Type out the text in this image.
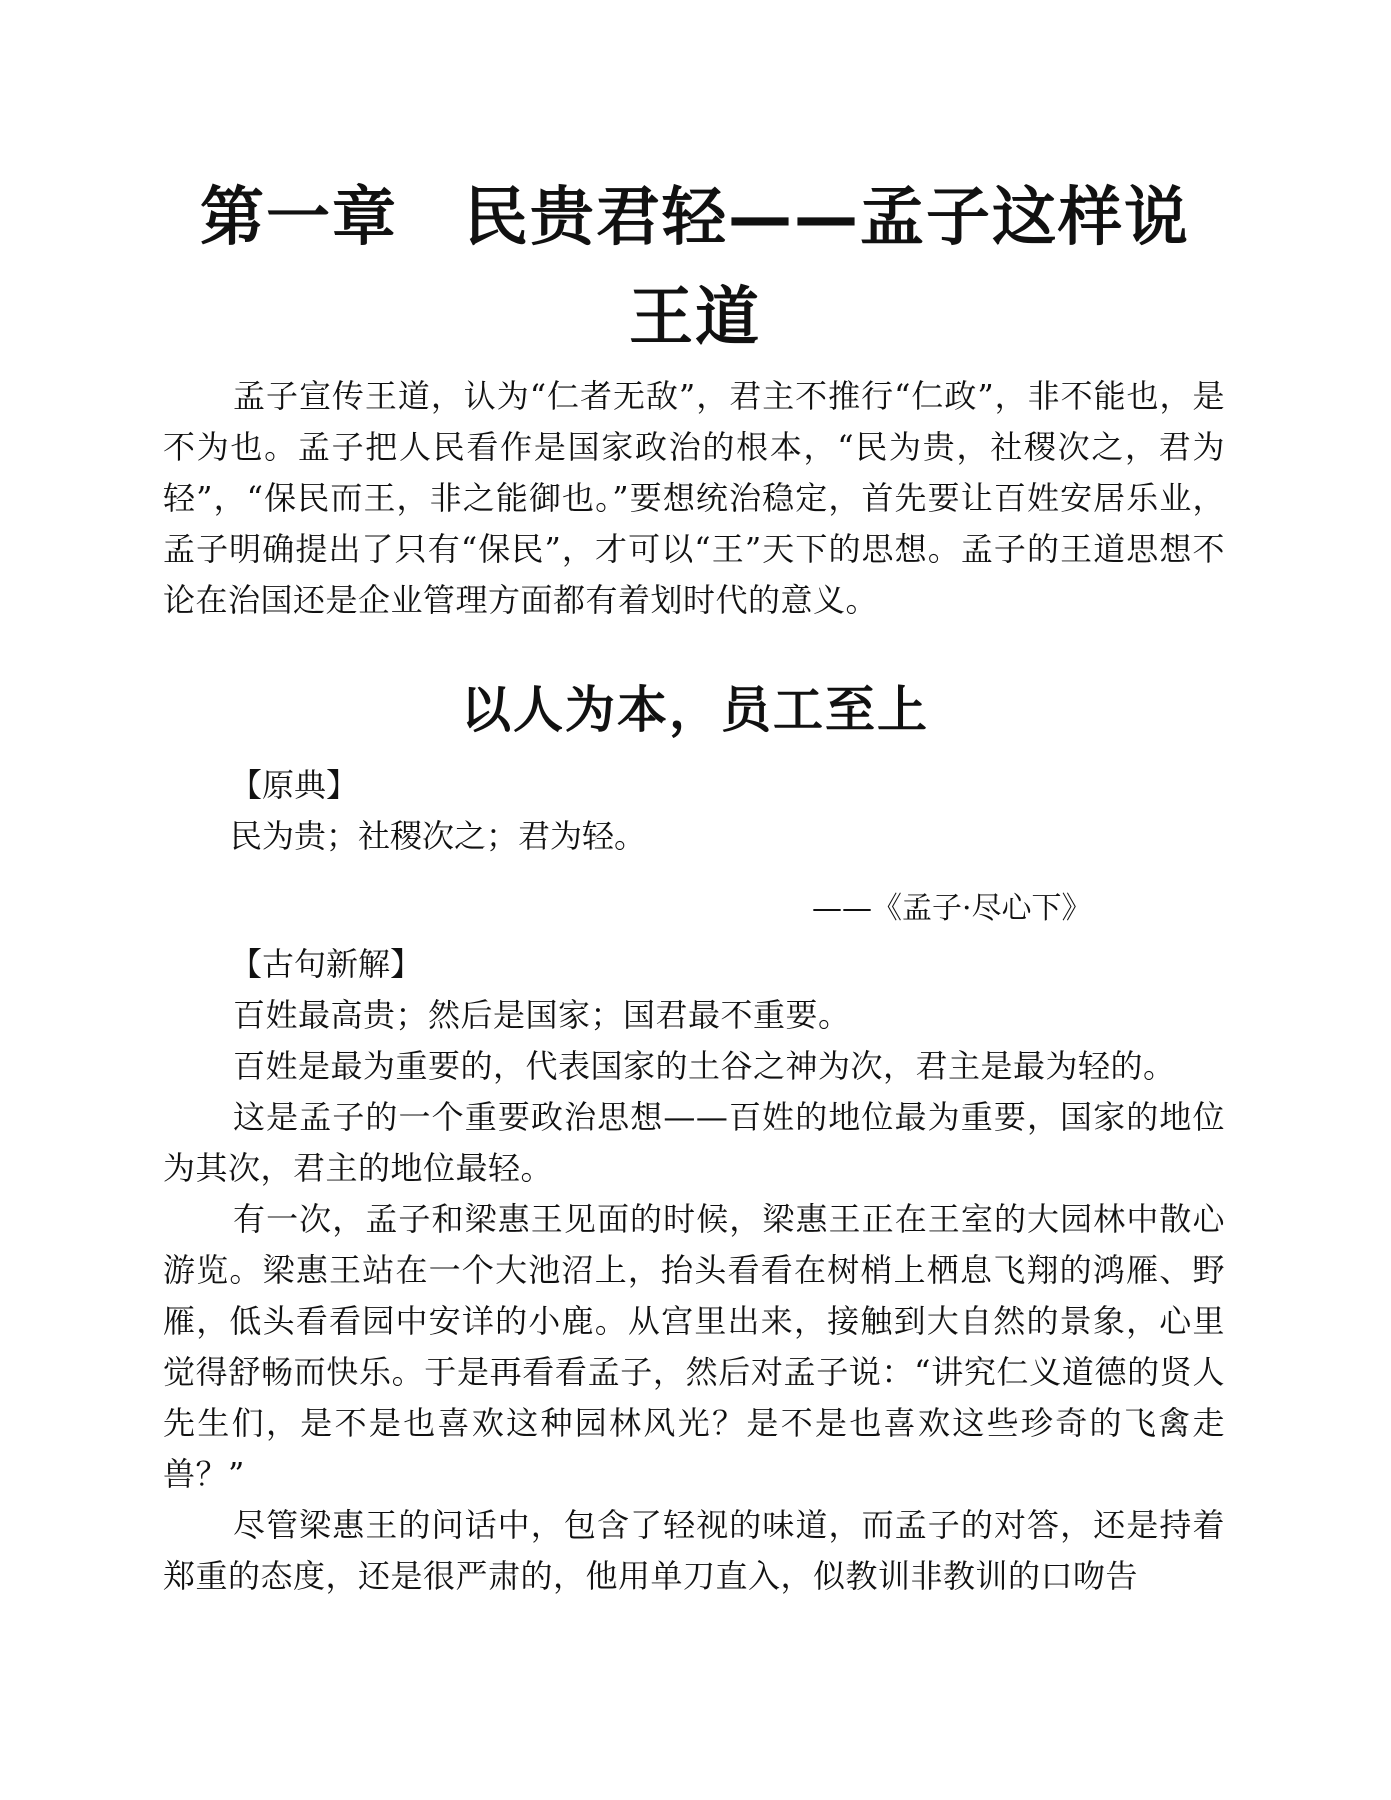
第一章　民贵君轻——孟子这样说
王道

孟子宣传王道，认为“仁者无敌”，君主不推行“仁政”，非不能也，是不为也。孟子把人民看作是国家政治的根本，“民为贵，社稷次之，君为轻”，“保民而王，非之能御也。”要想统治稳定，首先要让百姓安居乐业，孟子明确提出了只有“保民”，才可以“王”天下的思想。孟子的王道思想不论在治国还是企业管理方面都有着划时代的意义。

以人为本，员工至上

【原典】

民为贵；社稷次之；君为轻。

——《孟子·尽心下》

【古句新解】

百姓最高贵；然后是国家；国君最不重要。

百姓是最为重要的，代表国家的土谷之神为次，君主是最为轻的。

这是孟子的一个重要政治思想——百姓的地位最为重要，国家的地位为其次，君主的地位最轻。

有一次，孟子和梁惠王见面的时候，梁惠王正在王室的大园林中散心游览。梁惠王站在一个大池沼上，抬头看看在树梢上栖息飞翔的鸿雁、野雁，低头看看园中安详的小鹿。从宫里出来，接触到大自然的景象，心里觉得舒畅而快乐。于是再看看孟子，然后对孟子说：“讲究仁义道德的贤人先生们，是不是也喜欢这种园林风光？是不是也喜欢这些珍奇的飞禽走兽？”

尽管梁惠王的问话中，包含了轻视的味道，而孟子的对答，还是持着郑重的态度，还是很严肃的，他用单刀直入，似教训非教训的口吻告
